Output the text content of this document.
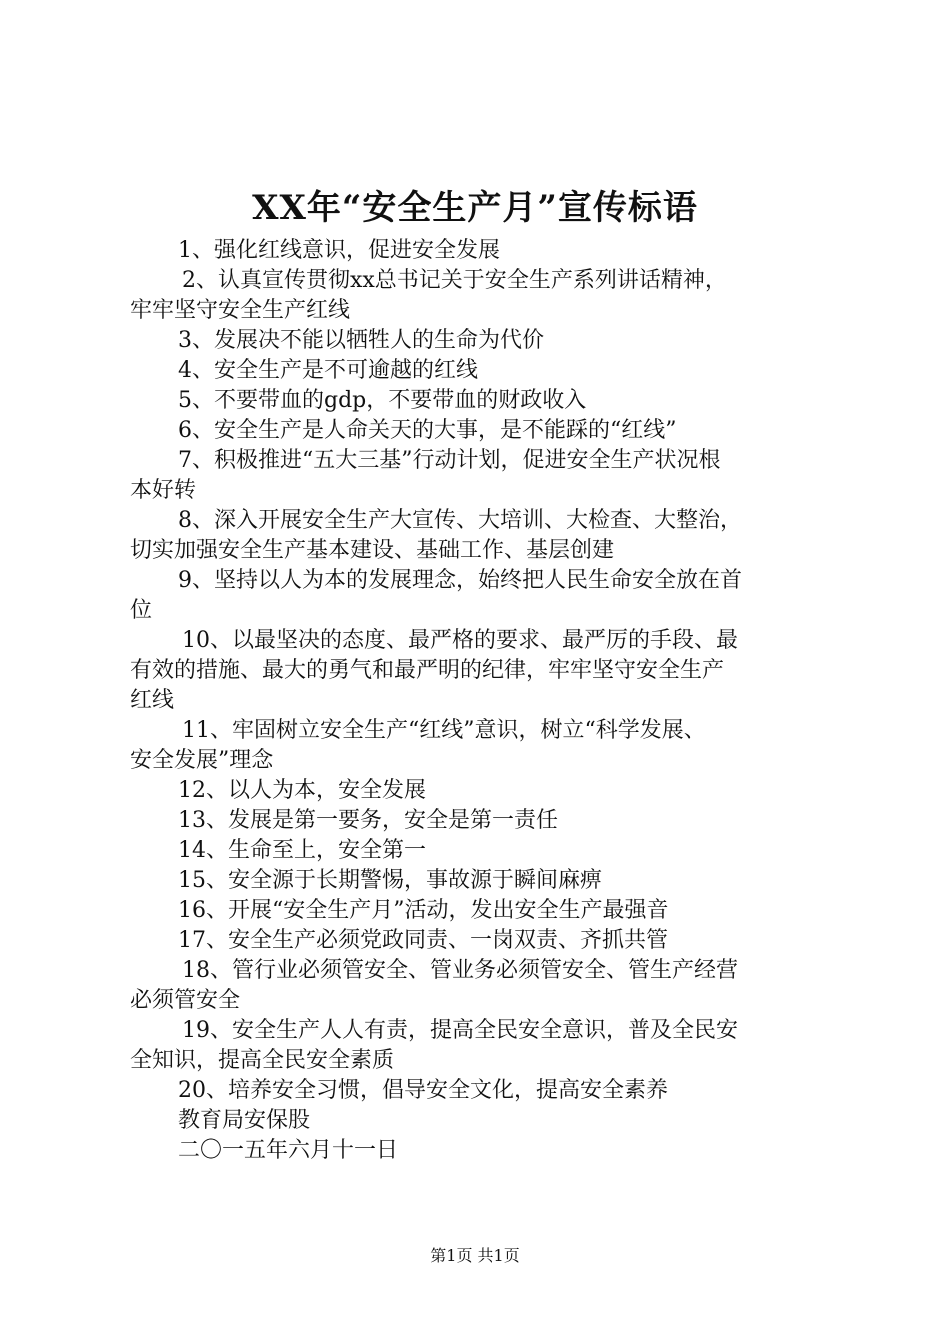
XX年“安全生产月”宣传标语
1、强化红线意识，促进安全发展
2、认真宣传贯彻xx总书记关于安全生产系列讲话精神，
牢牢坚守安全生产红线
3、发展决不能以牺牲人的生命为代价
4、安全生产是不可逾越的红线
5、不要带血的gdp，不要带血的财政收入
6、安全生产是人命关天的大事，是不能踩的“红线”
7、积极推进“五大三基”行动计划，促进安全生产状况根
本好转
8、深入开展安全生产大宣传、大培训、大检查、大整治，
切实加强安全生产基本建设、基础工作、基层创建
9、坚持以人为本的发展理念，始终把人民生命安全放在首
位
10、以最坚决的态度、最严格的要求、最严厉的手段、最
有效的措施、最大的勇气和最严明的纪律，牢牢坚守安全生产
红线
11、牢固树立安全生产“红线”意识，树立“科学发展、
安全发展”理念
12、以人为本，安全发展
13、发展是第一要务，安全是第一责任
14、生命至上，安全第一
15、安全源于长期警惕，事故源于瞬间麻痹
16、开展“安全生产月”活动，发出安全生产最强音
17、安全生产必须党政同责、一岗双责、齐抓共管
18、管行业必须管安全、管业务必须管安全、管生产经营
必须管安全
19、安全生产人人有责，提高全民安全意识，普及全民安
全知识，提高全民安全素质
20、培养安全习惯，倡导安全文化，提高安全素养
教育局安保股
二〇一五年六月十一日
第1页 共1页
